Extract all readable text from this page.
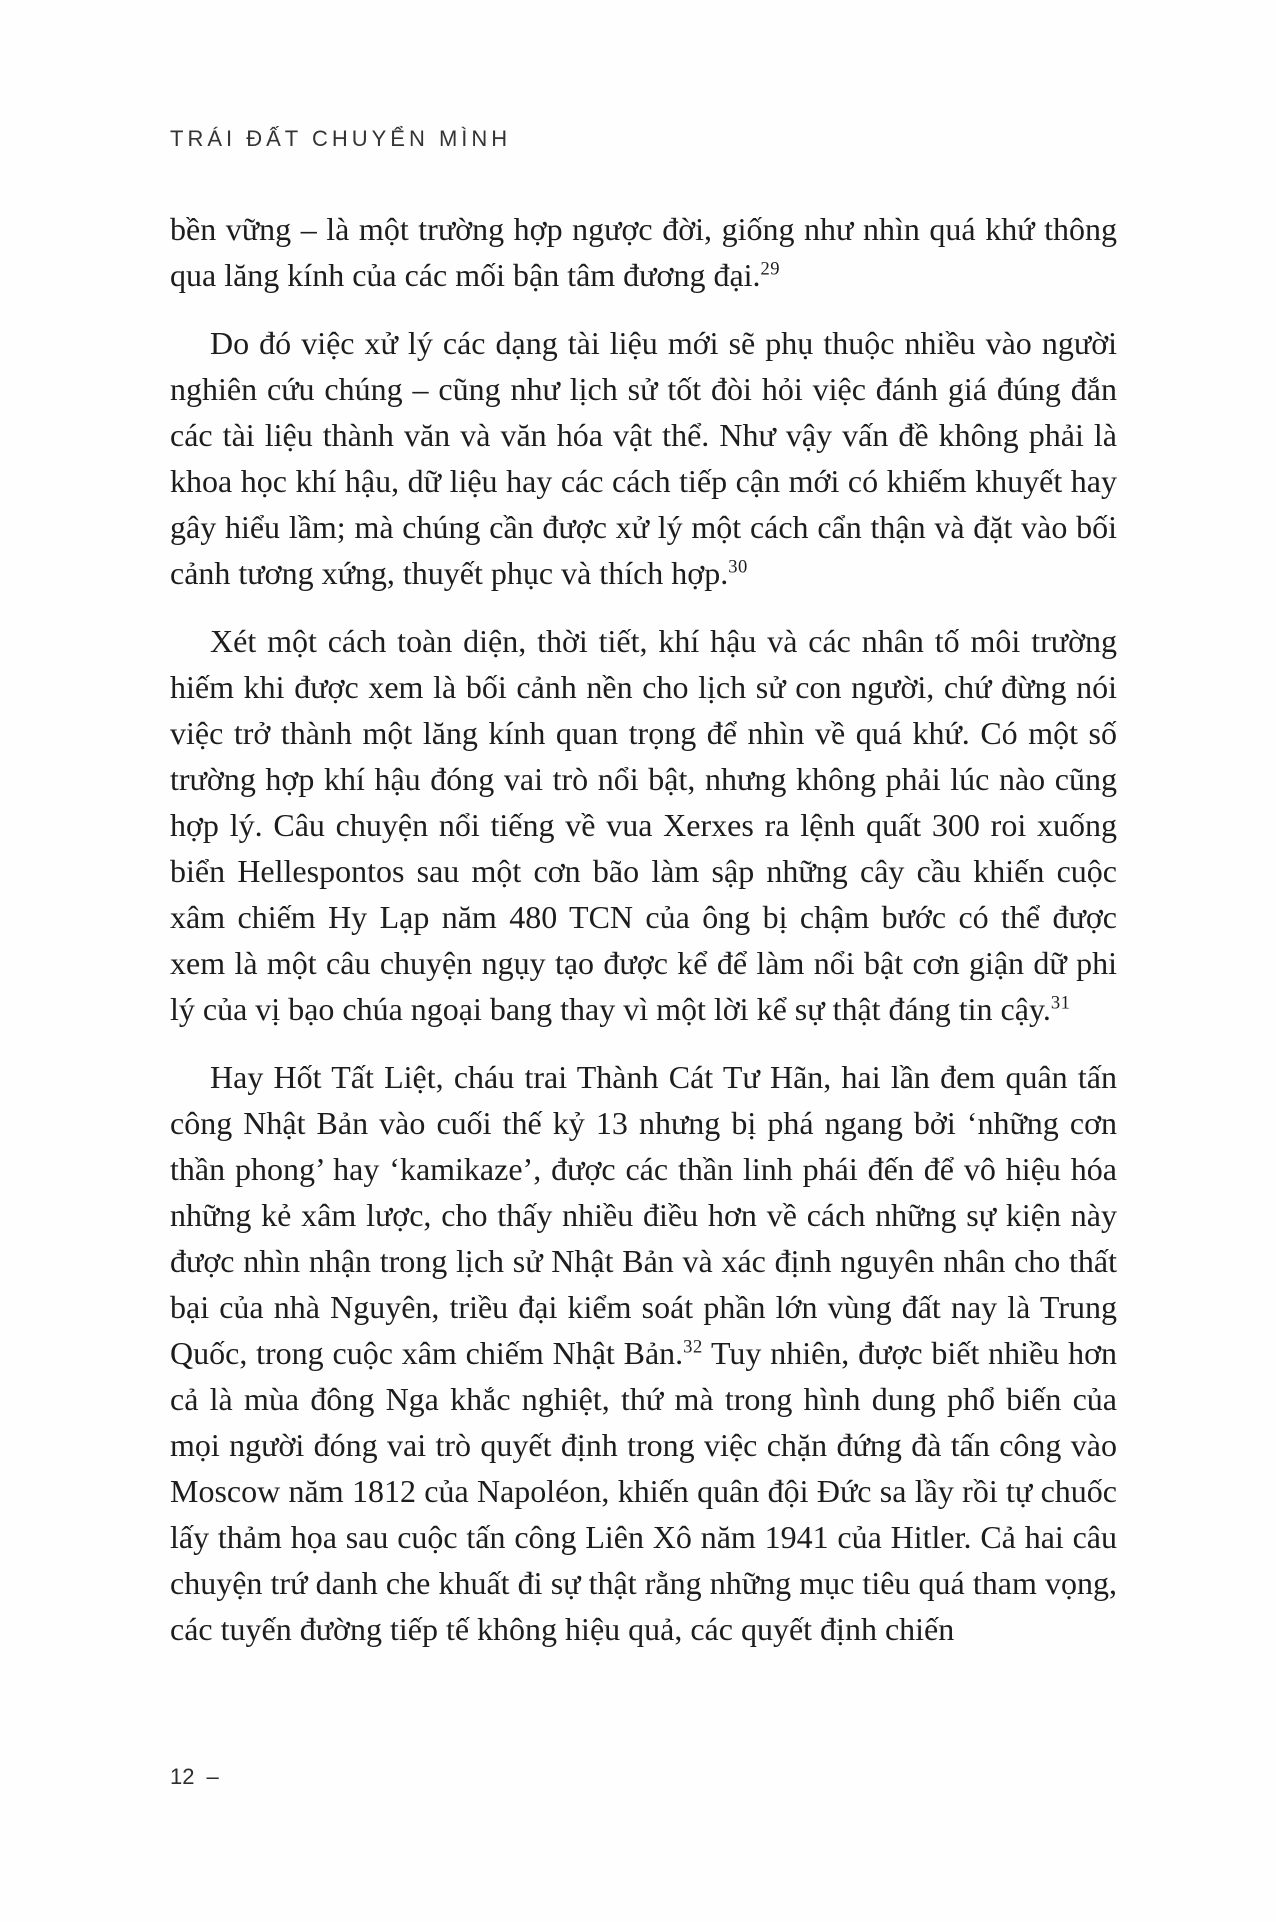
TRÁI ĐẤT CHUYỂN MÌNH

bền vững – là một trường hợp ngược đời, giống như nhìn quá khứ thông qua lăng kính của các mối bận tâm đương đại.$^{29}$

Do đó việc xử lý các dạng tài liệu mới sẽ phụ thuộc nhiều vào người nghiên cứu chúng – cũng như lịch sử tốt đòi hỏi việc đánh giá đúng đắn các tài liệu thành văn và văn hóa vật thể. Như vậy vấn đề không phải là khoa học khí hậu, dữ liệu hay các cách tiếp cận mới có khiếm khuyết hay gây hiểu lầm; mà chúng cần được xử lý một cách cẩn thận và đặt vào bối cảnh tương xứng, thuyết phục và thích hợp.$^{30}$

Xét một cách toàn diện, thời tiết, khí hậu và các nhân tố môi trường hiếm khi được xem là bối cảnh nền cho lịch sử con người, chứ đừng nói việc trở thành một lăng kính quan trọng để nhìn về quá khứ. Có một số trường hợp khí hậu đóng vai trò nổi bật, nhưng không phải lúc nào cũng hợp lý. Câu chuyện nổi tiếng về vua Xerxes ra lệnh quất 300 roi xuống biển Hellespontos sau một cơn bão làm sập những cây cầu khiến cuộc xâm chiếm Hy Lạp năm 480 TCN của ông bị chậm bước có thể được xem là một câu chuyện ngụy tạo được kể để làm nổi bật cơn giận dữ phi lý của vị bạo chúa ngoại bang thay vì một lời kể sự thật đáng tin cậy.$^{31}$

Hay Hốt Tất Liệt, cháu trai Thành Cát Tư Hãn, hai lần đem quân tấn công Nhật Bản vào cuối thế kỷ 13 nhưng bị phá ngang bởi ‘những cơn thần phong’ hay ‘kamikaze’, được các thần linh phái đến để vô hiệu hóa những kẻ xâm lược, cho thấy nhiều điều hơn về cách những sự kiện này được nhìn nhận trong lịch sử Nhật Bản và xác định nguyên nhân cho thất bại của nhà Nguyên, triều đại kiểm soát phần lớn vùng đất nay là Trung Quốc, trong cuộc xâm chiếm Nhật Bản.$^{32}$ Tuy nhiên, được biết nhiều hơn cả là mùa đông Nga khắc nghiệt, thứ mà trong hình dung phổ biến của mọi người đóng vai trò quyết định trong việc chặn đứng đà tấn công vào Moscow năm 1812 của Napoléon, khiến quân đội Đức sa lầy rồi tự chuốc lấy thảm họa sau cuộc tấn công Liên Xô năm 1941 của Hitler. Cả hai câu chuyện trứ danh che khuất đi sự thật rằng những mục tiêu quá tham vọng, các tuyến đường tiếp tế không hiệu quả, các quyết định chiến

12 –
